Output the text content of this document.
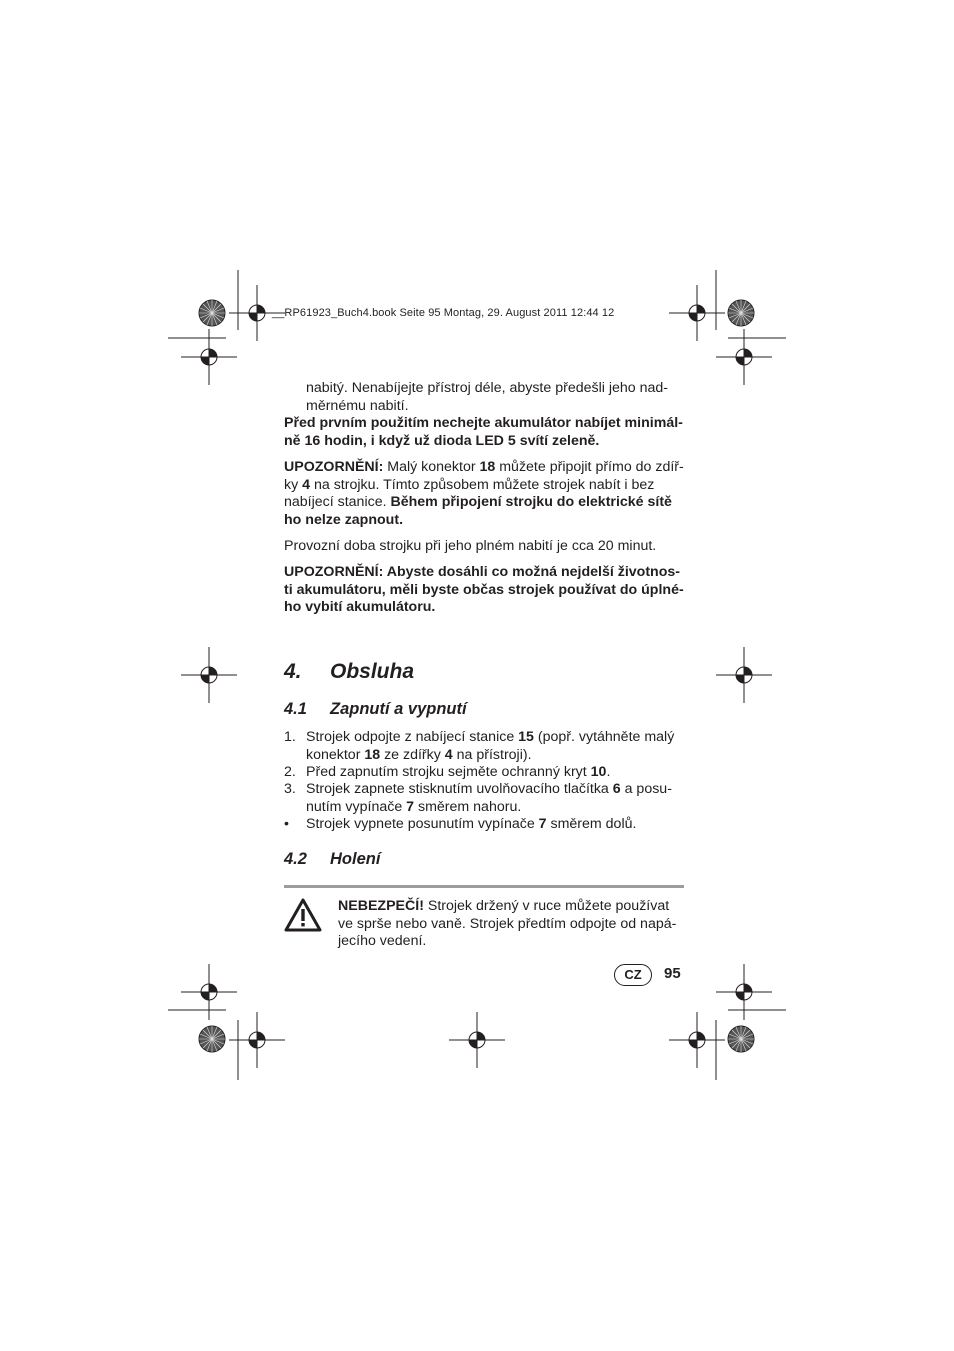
__RP61923_Buch4.book Seite 95 Montag, 29. August 2011 12:44 12
nabitý. Nenabíjejte přístroj déle, abyste předešli jeho nad-měrnému nabití.
Před prvním použitím nechejte akumulátor nabíjet minimál-ně 16 hodin, i když už dioda LED 5 svítí zeleně.
UPOZORNĚNÍ: Malý konektor 18 můžete připojit přímo do zdíř-ky 4 na strojku. Tímto způsobem můžete strojek nabít i bez nabíjecí stanice. Během připojení strojku do elektrické sítě ho nelze zapnout.
Provozní doba strojku při jeho plném nabití je cca 20 minut.
UPOZORNĚNÍ: Abyste dosáhli co možná nejdelší životnos-ti akumulátoru, měli byste občas strojek používat do úplné-ho vybití akumulátoru.
4. Obsluha
4.1 Zapnutí a vypnutí
1. Strojek odpojte z nabíjecí stanice 15 (popř. vytáhněte malý konektor 18 ze zdířky 4 na přístroji).
2. Před zapnutím strojku sejměte ochranný kryt 10.
3. Strojek zapnete stisknutím uvolňovacího tlačítka 6 a posu-nutím vypínače 7 směrem nahoru.
• Strojek vypnete posunutím vypínače 7 směrem dolů.
4.2 Holení
NEBEZPEČÍ! Strojek držený v ruce můžete používat ve sprše nebo vaně. Strojek předtím odpojte od napá-jecího vedení.
CZ	95
